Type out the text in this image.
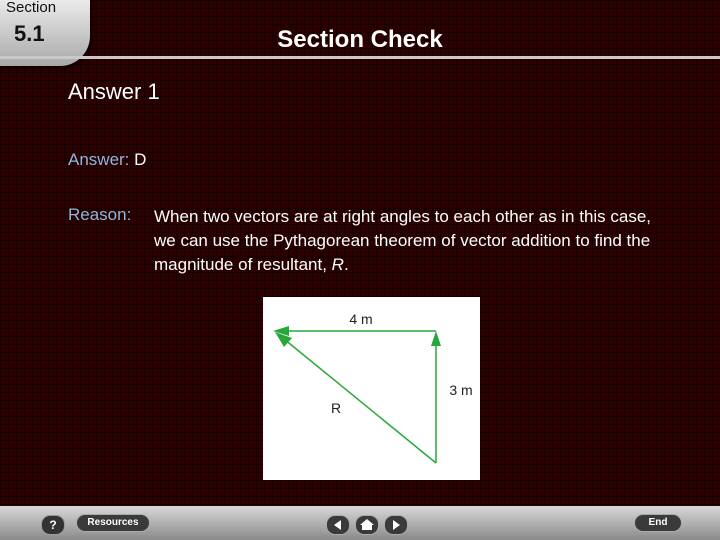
Section
5.1	Section Check
Answer 1
Answer: D
Reason: When two vectors are at right angles to each other as in this case, we can use the Pythagorean theorem of vector addition to find the magnitude of resultant, R.
4 m
3 m
R
?	Resources	End
